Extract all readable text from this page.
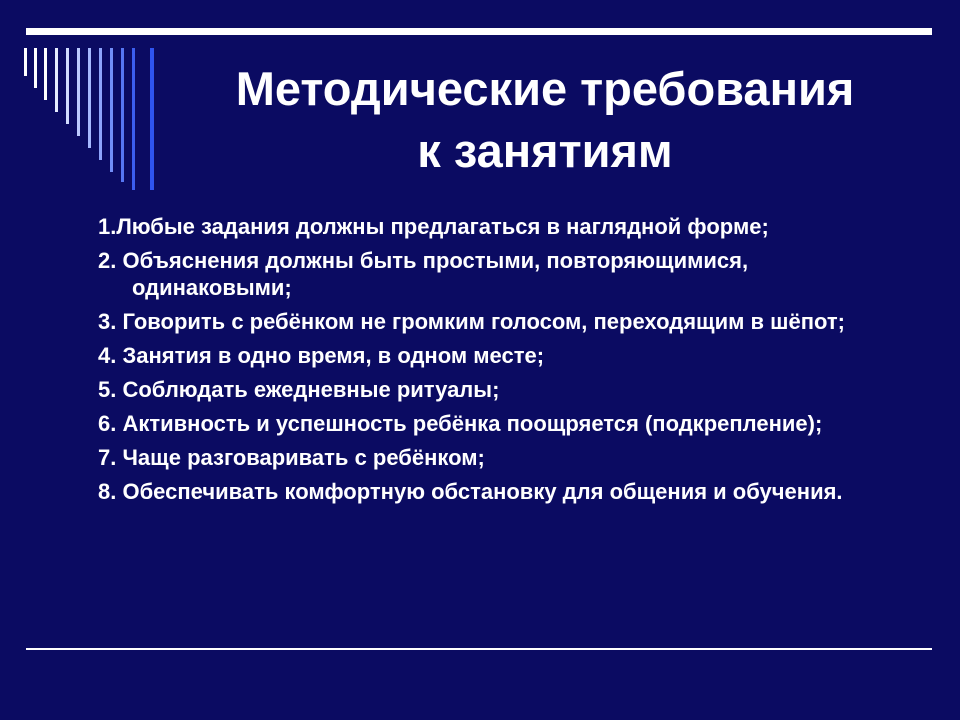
Методические требования
к занятиям

1.Любые задания должны предлагаться в наглядной форме;

2. Объяснения должны быть простыми, повторяющимися, одинаковыми;

3. Говорить с ребёнком не громким голосом, переходящим в шёпот;

4. Занятия в одно время, в одном месте;

5. Соблюдать ежедневные ритуалы;

6. Активность и успешность ребёнка поощряется (подкрепление);

7. Чаще разговаривать с ребёнком;

8. Обеспечивать комфортную обстановку для общения и обучения.
